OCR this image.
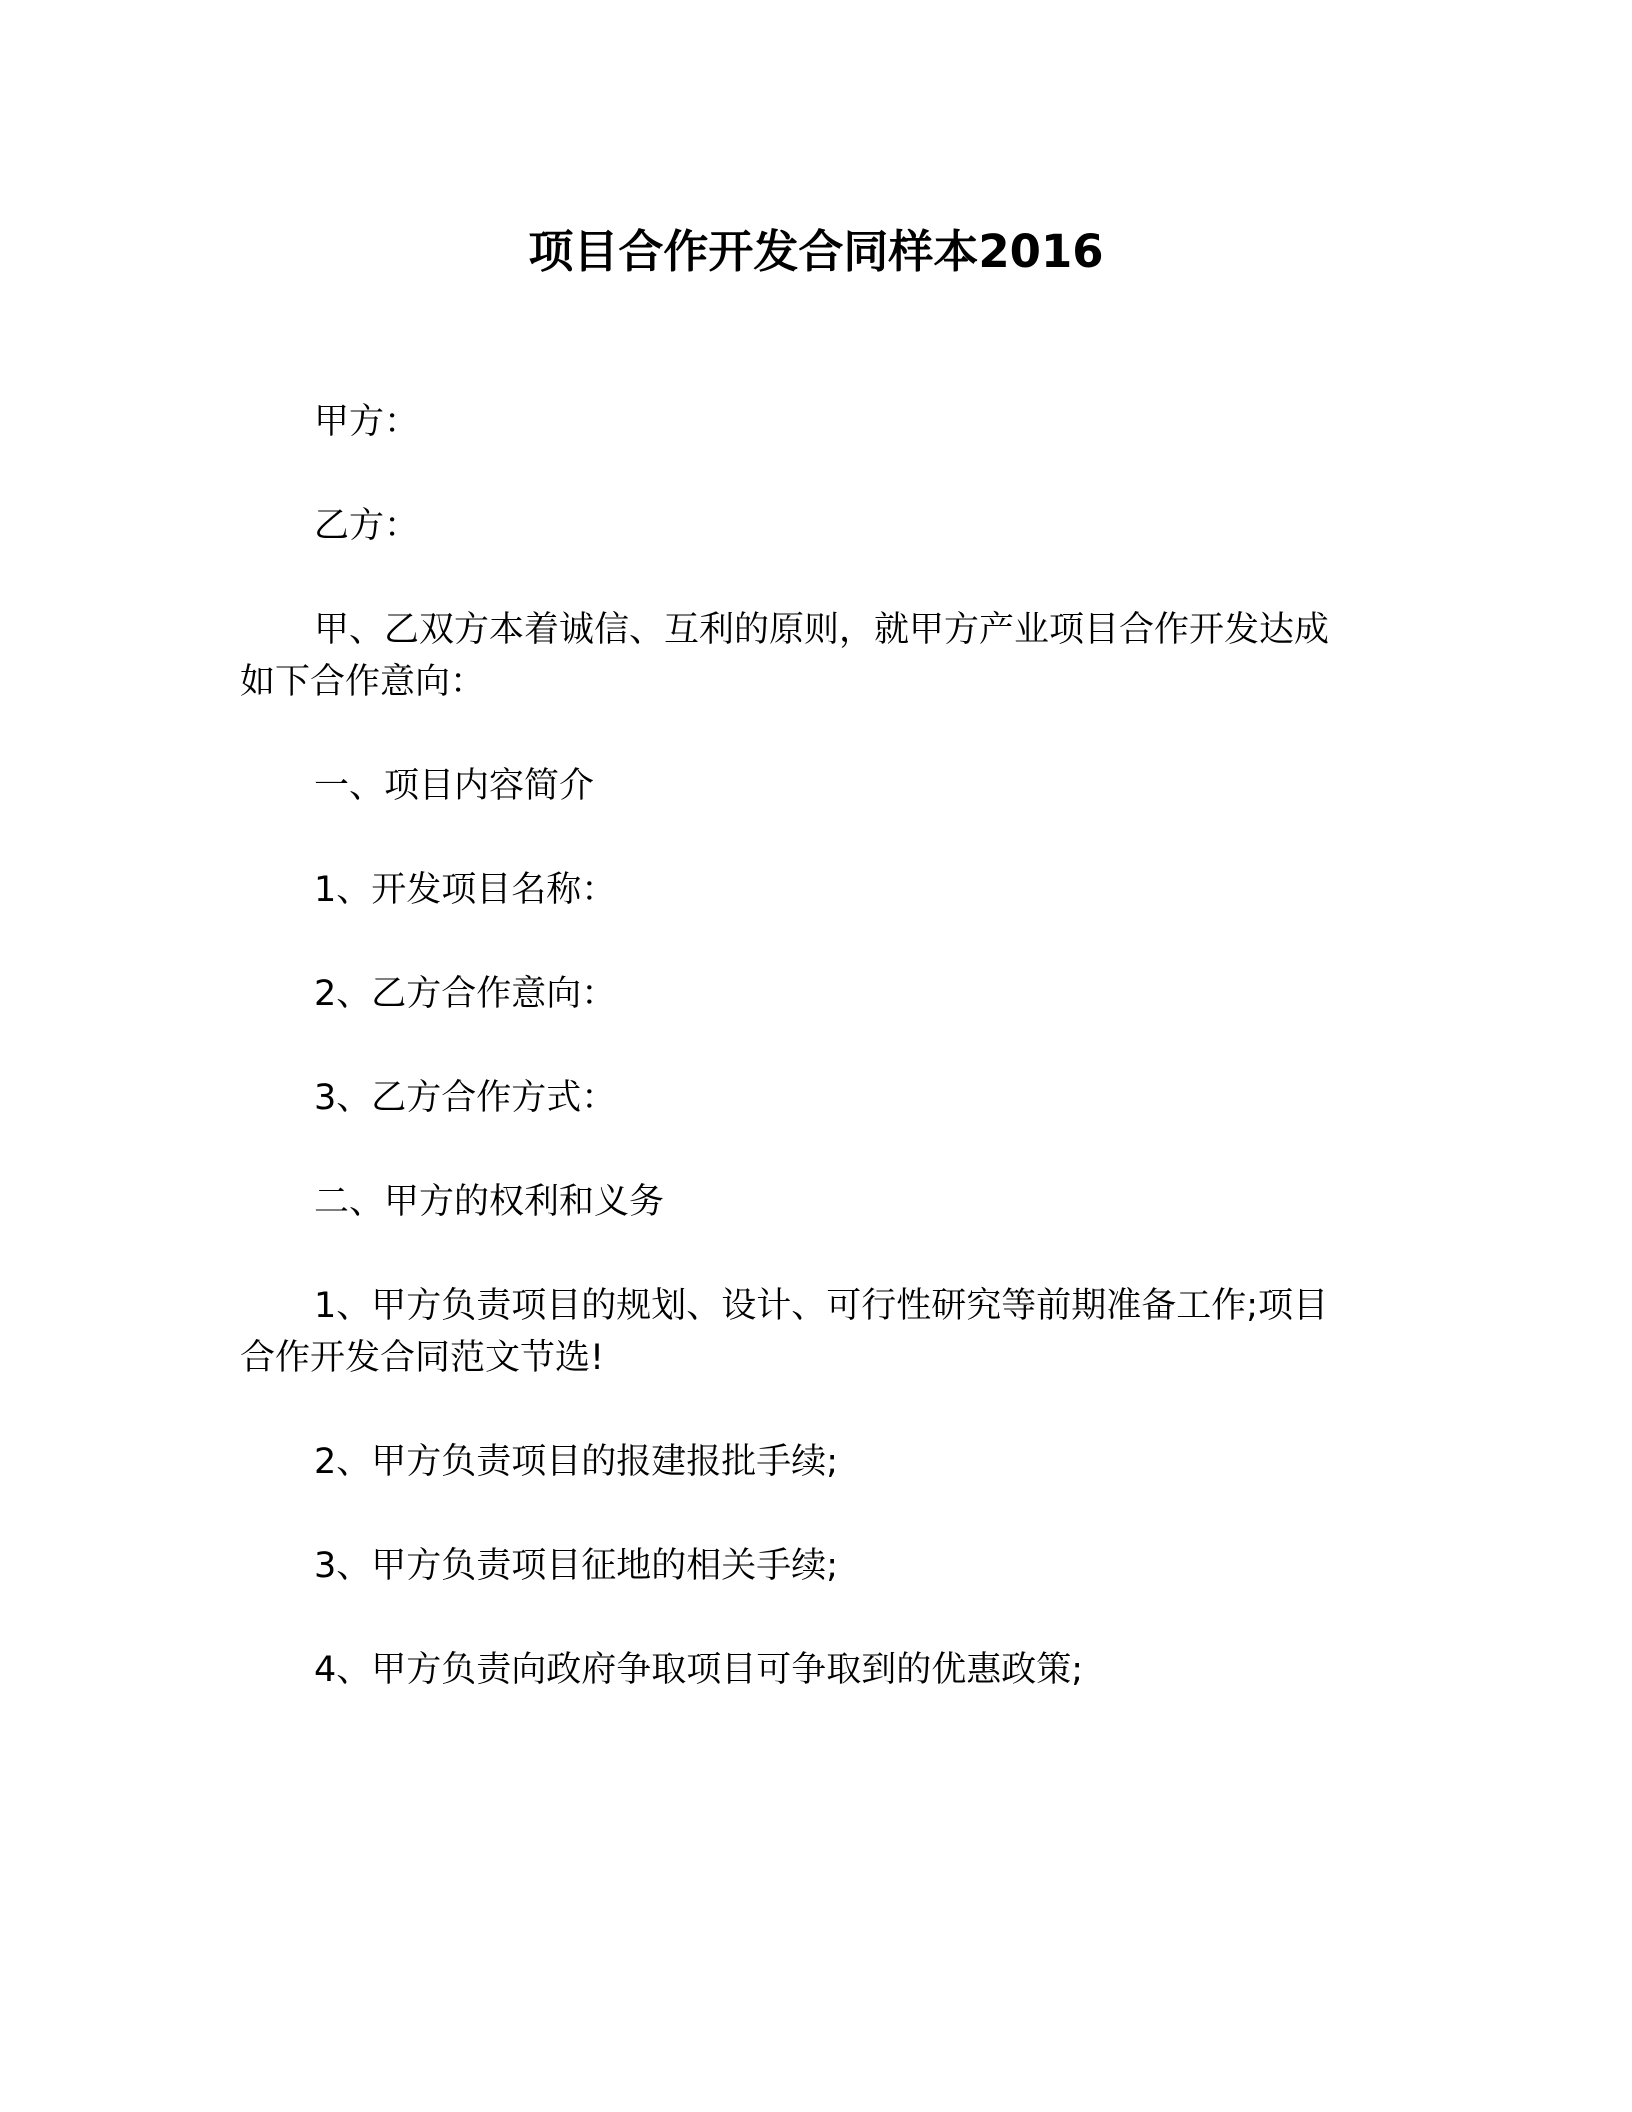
项目合作开发合同样本2016

甲方：

乙方：

甲、乙双方本着诚信、互利的原则，就甲方产业项目合作开发达成如下合作意向：

一、项目内容简介

1、开发项目名称：

2、乙方合作意向：

3、乙方合作方式：

二、甲方的权利和义务

1、甲方负责项目的规划、设计、可行性研究等前期准备工作;项目合作开发合同范文节选!

2、甲方负责项目的报建报批手续;

3、甲方负责项目征地的相关手续;

4、甲方负责向政府争取项目可争取到的优惠政策;
